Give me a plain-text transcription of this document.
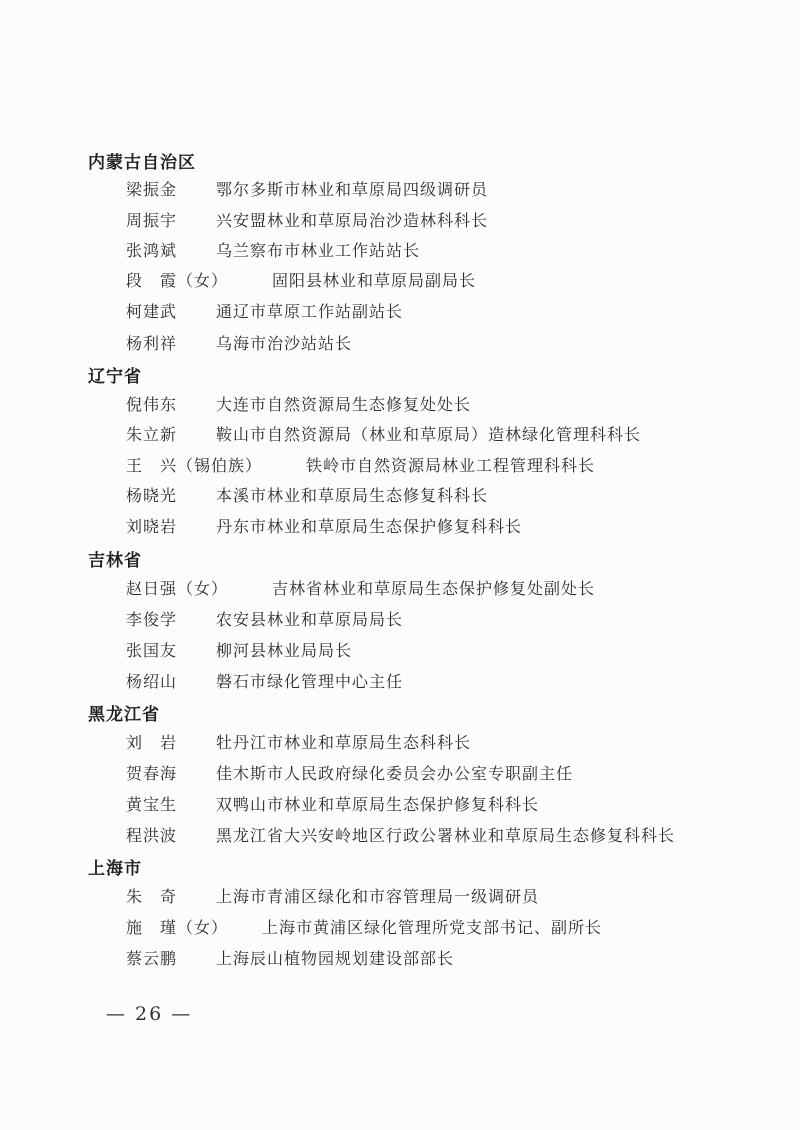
内蒙古自治区
梁振金 鄂尔多斯市林业和草原局四级调研员
周振宇 兴安盟林业和草原局治沙造林科科长
张鸿斌 乌兰察布市林业工作站站长
段　霞（女）	固阳县林业和草原局副局长
柯建武 通辽市草原工作站副站长
杨利祥 乌海市治沙站站长
辽宁省
倪伟东 大连市自然资源局生态修复处处长
朱立新 鞍山市自然资源局（林业和草原局）造林绿化管理科科长
王　兴（锡伯族）	铁岭市自然资源局林业工程管理科科长
杨晓光 本溪市林业和草原局生态修复科科长
刘晓岩 丹东市林业和草原局生态保护修复科科长
吉林省
赵日强（女）	吉林省林业和草原局生态保护修复处副处长
李俊学 农安县林业和草原局局长
张国友 柳河县林业局局长
杨绍山 磐石市绿化管理中心主任
黑龙江省
刘　岩 牡丹江市林业和草原局生态科科长
贺春海 佳木斯市人民政府绿化委员会办公室专职副主任
黄宝生 双鸭山市林业和草原局生态保护修复科科长
程洪波 黑龙江省大兴安岭地区行政公署林业和草原局生态修复科科长
上海市
朱　奇 上海市青浦区绿化和市容管理局一级调研员
施　瑾（女） 上海市黄浦区绿化管理所党支部书记、副所长
蔡云鹏 上海辰山植物园规划建设部部长
— 26 —
